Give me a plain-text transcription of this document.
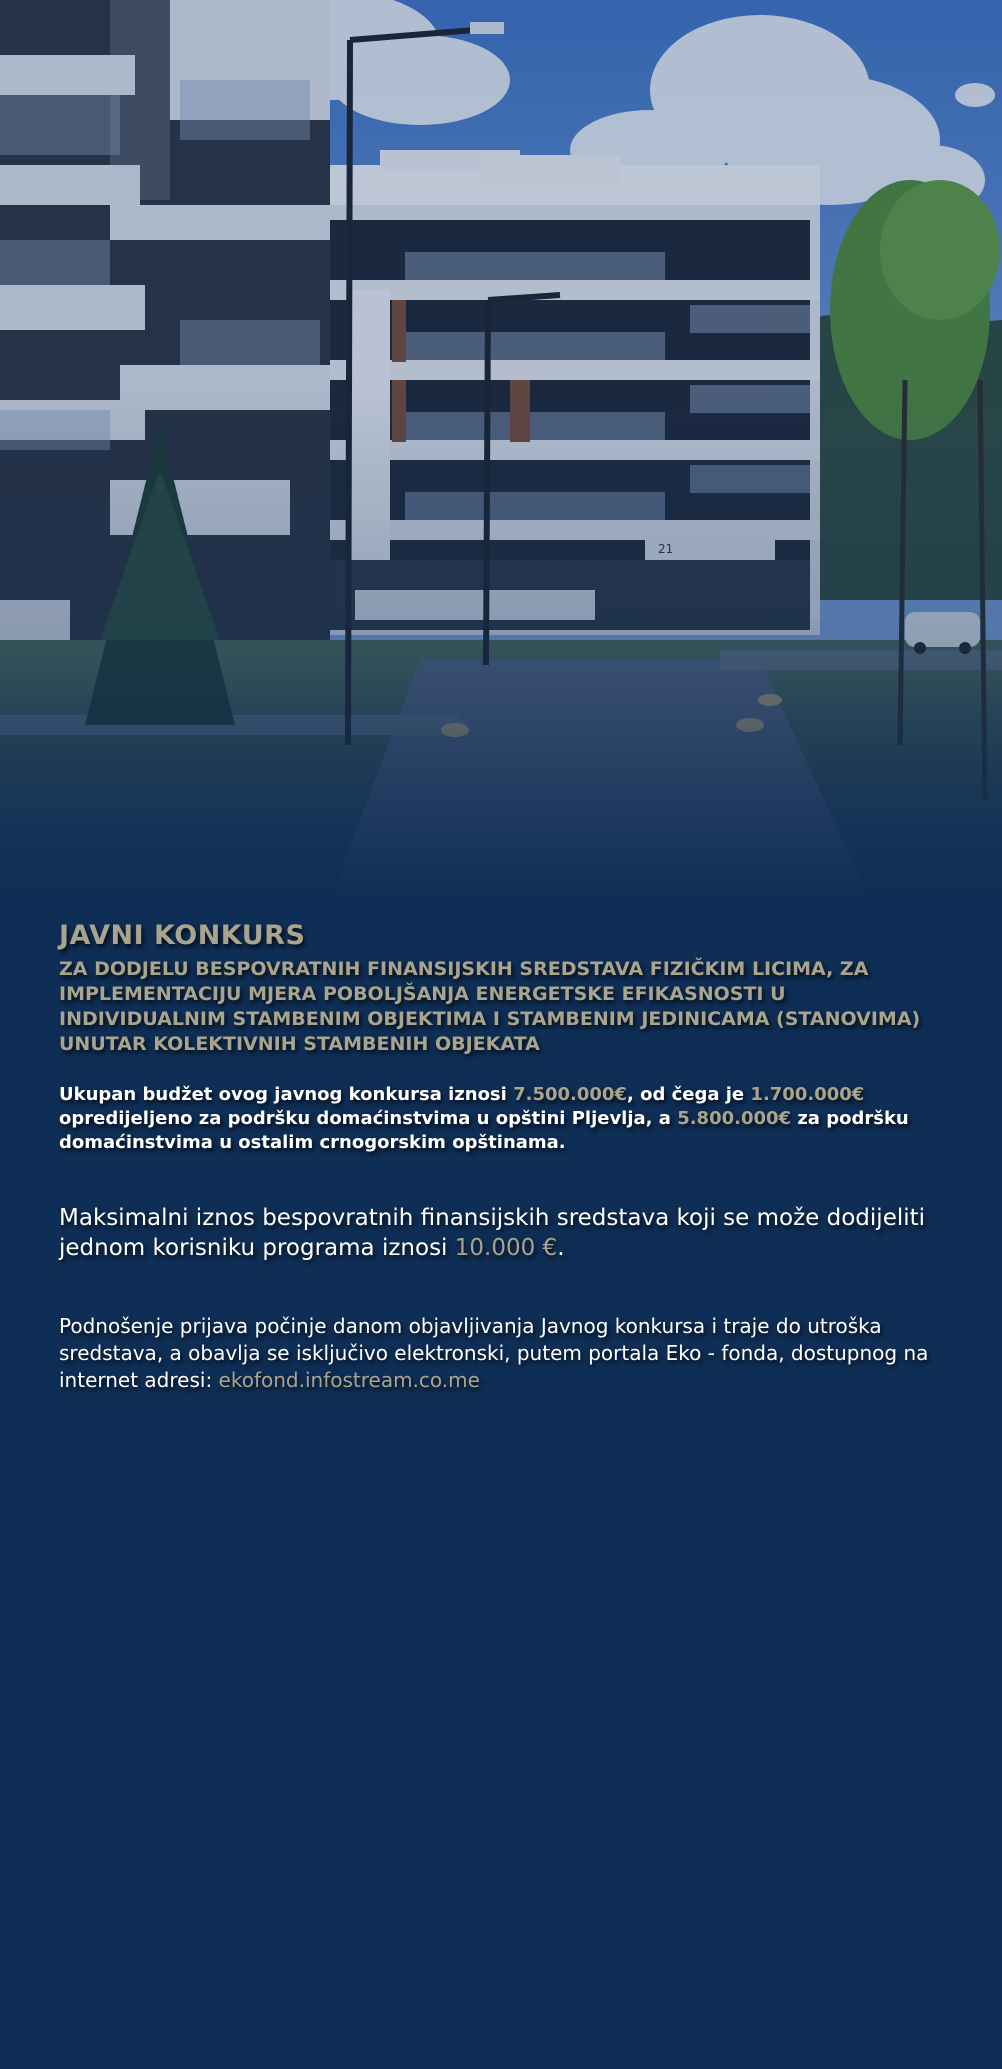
JAVNI KONKURS
ZA DODJELU BESPOVRATNIH FINANSIJSKIH SREDSTAVA FIZIČKIM LICIMA, ZA IMPLEMENTACIJU MJERA POBOLJŠANJA ENERGETSKE EFIKASNOSTI U INDIVIDUALNIM STAMBENIM OBJEKTIMA I STAMBENIM JEDINICAMA (STANOVIMA) UNUTAR KOLEKTIVNIH STAMBENIH OBJEKATA

Ukupan budžet ovog javnog konkursa iznosi 7.500.000€, od čega je 1.700.000€ opredijeljeno za podršku domaćinstvima u opštini Pljevlja, a 5.800.000€ za podršku domaćinstvima u ostalim crnogorskim opštinama.

Maksimalni iznos bespovratnih finansijskih sredstava koji se može dodijeliti jednom korisniku programa iznosi 10.000 €.

Podnošenje prijava počinje danom objavljivanja Javnog konkursa i traje do utroška sredstava, a obavlja se isključivo elektronski, putem portala Eko - fonda, dostupnog na internet adresi: ekofond.infostream.co.me
